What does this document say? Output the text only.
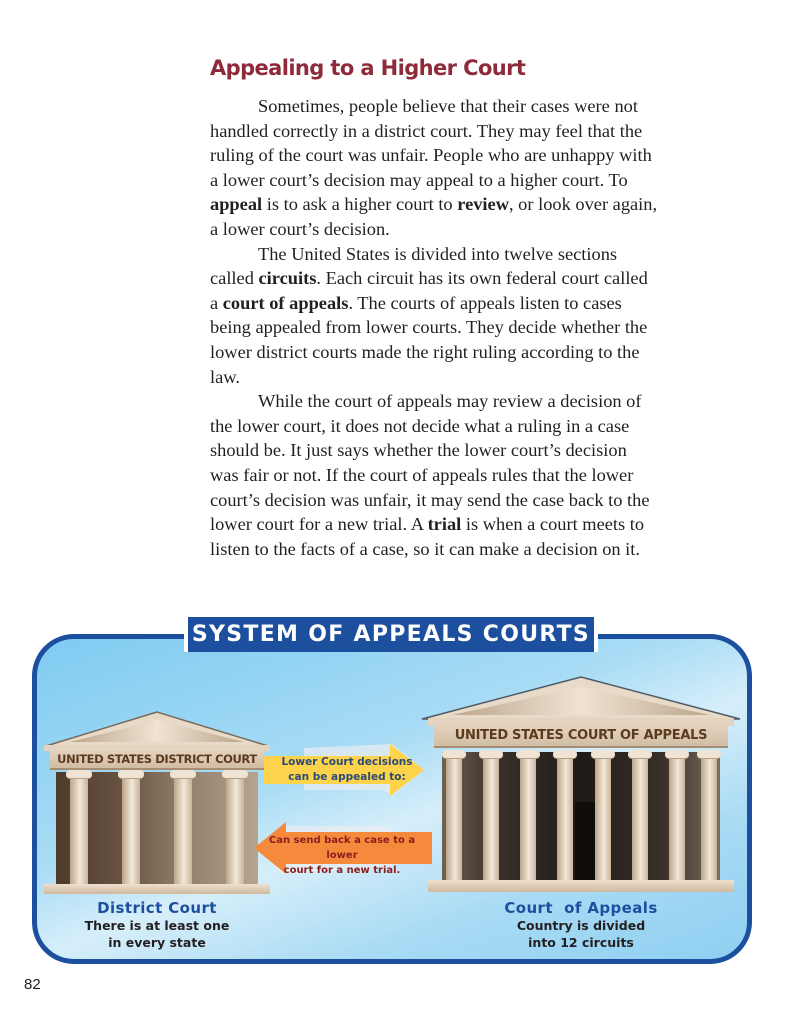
Appealing to a Higher Court

Sometimes, people believe that their cases were not handled correctly in a district court. They may feel that the ruling of the court was unfair. People who are unhappy with a lower court’s decision may appeal to a higher court. To appeal is to ask a higher court to review, or look over again, a lower court’s decision.

The United States is divided into twelve sections called circuits. Each circuit has its own federal court called a court of appeals. The courts of appeals listen to cases being appealed from lower courts. They decide whether the lower district courts made the right ruling according to the law.

While the court of appeals may review a decision of the lower court, it does not decide what a ruling in a case should be. It just says whether the lower court’s decision was fair or not. If the court of appeals rules that the lower court’s decision was unfair, it may send the case back to the lower court for a new trial. A trial is when a court meets to listen to the facts of a case, so it can make a decision on it.

SYSTEM OF APPEALS COURTS
UNITED STATES DISTRICT COURT
UNITED STATES COURT OF APPEALS
Lower Court decisions
can be appealed to:
Can send back a case to a lower
court for a new trial.
District Court
There is at least one
in every state
Court  of Appeals
Country is divided
into 12 circuits
82
